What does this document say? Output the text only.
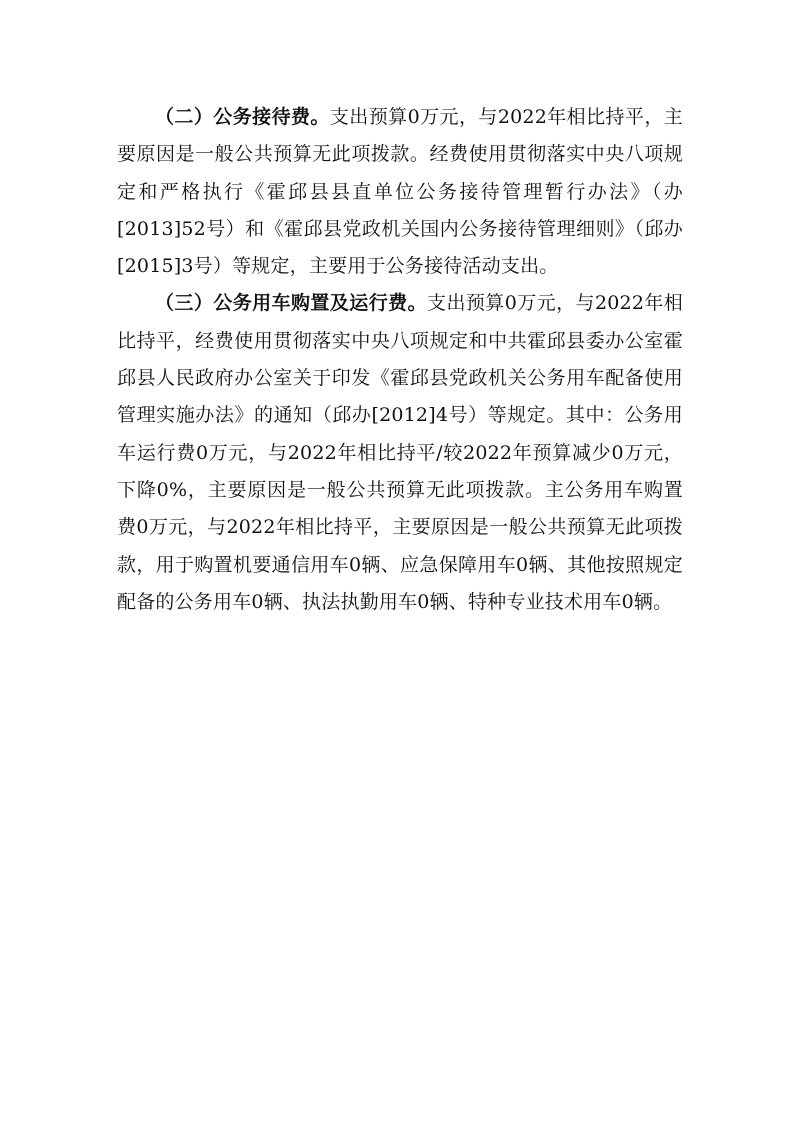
（二）公务接待费。支出预算0万元，与2022年相比持平，主要原因是一般公共预算无此项拨款。经费使用贯彻落实中央八项规定和严格执行《霍邱县县直单位公务接待管理暂行办法》（办[2013]52号）和《霍邱县党政机关国内公务接待管理细则》（邱办[2015]3号）等规定，主要用于公务接待活动支出。

（三）公务用车购置及运行费。支出预算0万元，与2022年相比持平，经费使用贯彻落实中央八项规定和中共霍邱县委办公室霍邱县人民政府办公室关于印发《霍邱县党政机关公务用车配备使用管理实施办法》的通知（邱办[2012]4号）等规定。其中：公务用车运行费0万元，与2022年相比持平/较2022年预算减少0万元，下降0%，主要原因是一般公共预算无此项拨款。主公务用车购置费0万元，与2022年相比持平，主要原因是一般公共预算无此项拨款，用于购置机要通信用车0辆、应急保障用车0辆、其他按照规定配备的公务用车0辆、执法执勤用车0辆、特种专业技术用车0辆。
